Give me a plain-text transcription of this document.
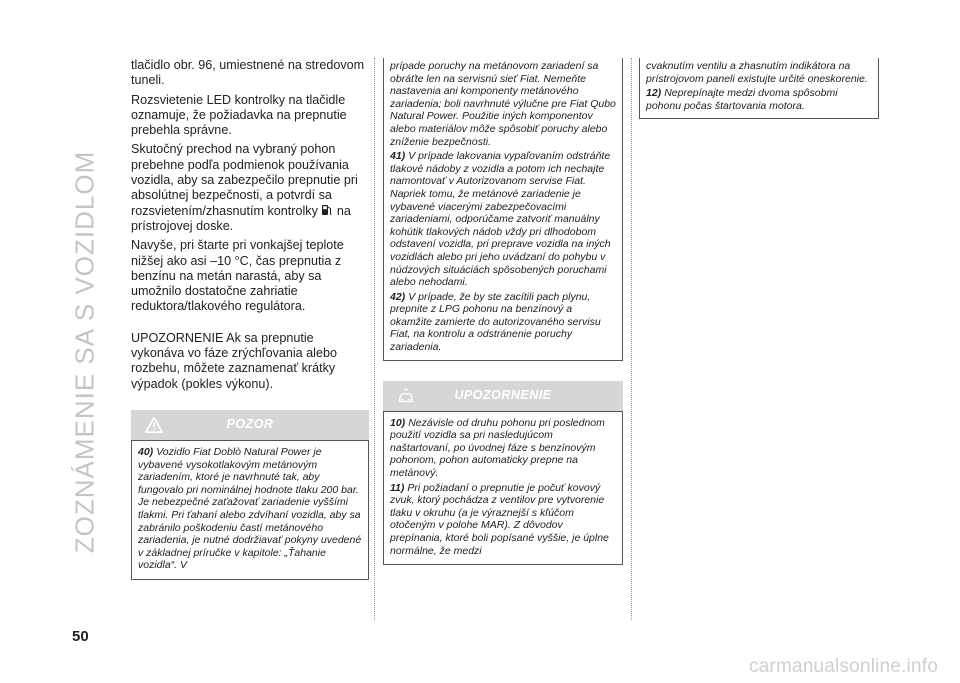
ZOZNÁMENIE SA S VOZIDLOM

tlačidlo obr. 96, umiestnené na stredovom tuneli.

Rozsvietenie LED kontrolky na tlačidle oznamuje, že požiadavka na prepnutie prebehla správne.

Skutočný prechod na vybraný pohon prebehne podľa podmienok používania vozidla, aby sa zabezpečilo prepnutie pri absolútnej bezpečnosti, a potvrdí sa rozsvietením/zhasnutím kontrolky na prístrojovej doske.

Navyše, pri štarte pri vonkajšej teplote nižšej ako asi –10 °C, čas prepnutia z benzínu na metán narastá, aby sa umožnilo dostatočne zahriatie reduktora/tlakového regulátora.

UPOZORNENIE Ak sa prepnutie vykonáva vo fáze zrýchľovania alebo rozbehu, môžete zaznamenať krátky výpadok (pokles výkonu).

POZOR

40) Vozidlo Fiat Doblò Natural Power je vybavené vysokotlakovým metánovým zariadením, ktoré je navrhnuté tak, aby fungovalo pri nominálnej hodnote tlaku 200 bar. Je nebezpečné zaťažovať zariadenie vyššími tlakmi. Pri ťahaní alebo zdvíhaní vozidla, aby sa zabránilo poškodeniu častí metánového zariadenia, je nutné dodržiavať pokyny uvedené v základnej príručke v kapitole: „Ťahanie vozidla“. V

prípade poruchy na metánovom zariadení sa obráťte len na servisnú sieť Fiat. Nemeňte nastavenia ani komponenty metánového zariadenia; boli navrhnuté výlučne pre Fiat Qubo Natural Power. Použitie iných komponentov alebo materiálov môže spôsobiť poruchy alebo zníženie bezpečnosti.

41) V prípade lakovania vypaľovaním odstráňte tlakové nádoby z vozidla a potom ich nechajte namontovať v Autorizovanom servise Fiat. Napriek tomu, že metánové zariadenie je vybavené viacerými zabezpečovacími zariadeniami, odporúčame zatvoriť manuálny kohútik tlakových nádob vždy pri dlhodobom odstavení vozidla, pri preprave vozidla na iných vozidlách alebo pri jeho uvádzaní do pohybu v núdzových situáciách spôsobených poruchami alebo nehodami.

42) V prípade, že by ste zacítili pach plynu, prepnite z LPG pohonu na benzínový a okamžite zamierte do autorizovaného servisu Fiat, na kontrolu a odstránenie poruchy zariadenia.

UPOZORNENIE

10) Nezávisle od druhu pohonu pri poslednom použití vozidla sa pri nasledujúcom naštartovaní, po úvodnej fáze s benzínovým pohonom, pohon automaticky prepne na metánový.

11) Pri požiadaní o prepnutie je počuť kovový zvuk, ktorý pochádza z ventilov pre vytvorenie tlaku v okruhu (a je výraznejší s kľúčom otočeným v polohe MAR). Z dôvodov prepínania, ktoré boli popísané vyššie, je úplne normálne, že medzi

cvaknutím ventilu a zhasnutím indikátora na prístrojovom paneli existujte určité oneskorenie.

12) Neprepínajte medzi dvoma spôsobmi pohonu počas štartovania motora.

50
carmanualsonline.info
